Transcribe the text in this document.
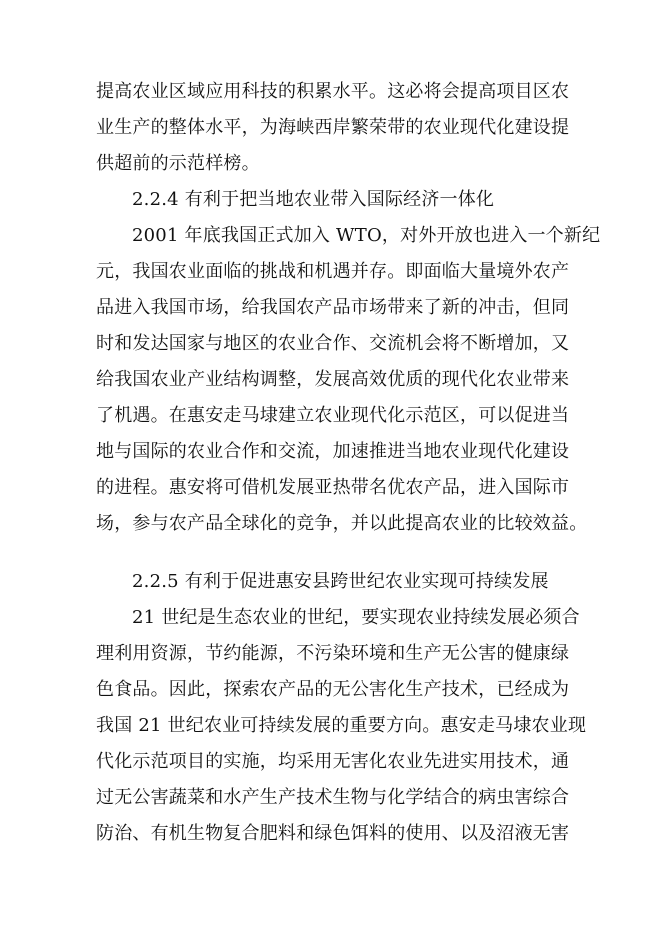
提高农业区域应用科技的积累水平。这必将会提高项目区农
业生产的整体水平，为海峡西岸繁荣带的农业现代化建设提
供超前的示范样榜。
2.2.4 有利于把当地农业带入国际经济一体化
2001 年底我国正式加入 WTO，对外开放也进入一个新纪
元，我国农业面临的挑战和机遇并存。即面临大量境外农产
品进入我国市场，给我国农产品市场带来了新的冲击，但同
时和发达国家与地区的农业合作、交流机会将不断增加，又
给我国农业产业结构调整，发展高效优质的现代化农业带来
了机遇。在惠安走马埭建立农业现代化示范区，可以促进当
地与国际的农业合作和交流，加速推进当地农业现代化建设
的进程。惠安将可借机发展亚热带名优农产品，进入国际市
场，参与农产品全球化的竞争，并以此提高农业的比较效益。
2.2.5 有利于促进惠安县跨世纪农业实现可持续发展
21 世纪是生态农业的世纪，要实现农业持续发展必须合
理利用资源，节约能源，不污染环境和生产无公害的健康绿
色食品。因此，探索农产品的无公害化生产技术，已经成为
我国 21 世纪农业可持续发展的重要方向。惠安走马埭农业现
代化示范项目的实施，均采用无害化农业先进实用技术，通
过无公害蔬菜和水产生产技术生物与化学结合的病虫害综合
防治、有机生物复合肥料和绿色饵料的使用、以及沼液无害
